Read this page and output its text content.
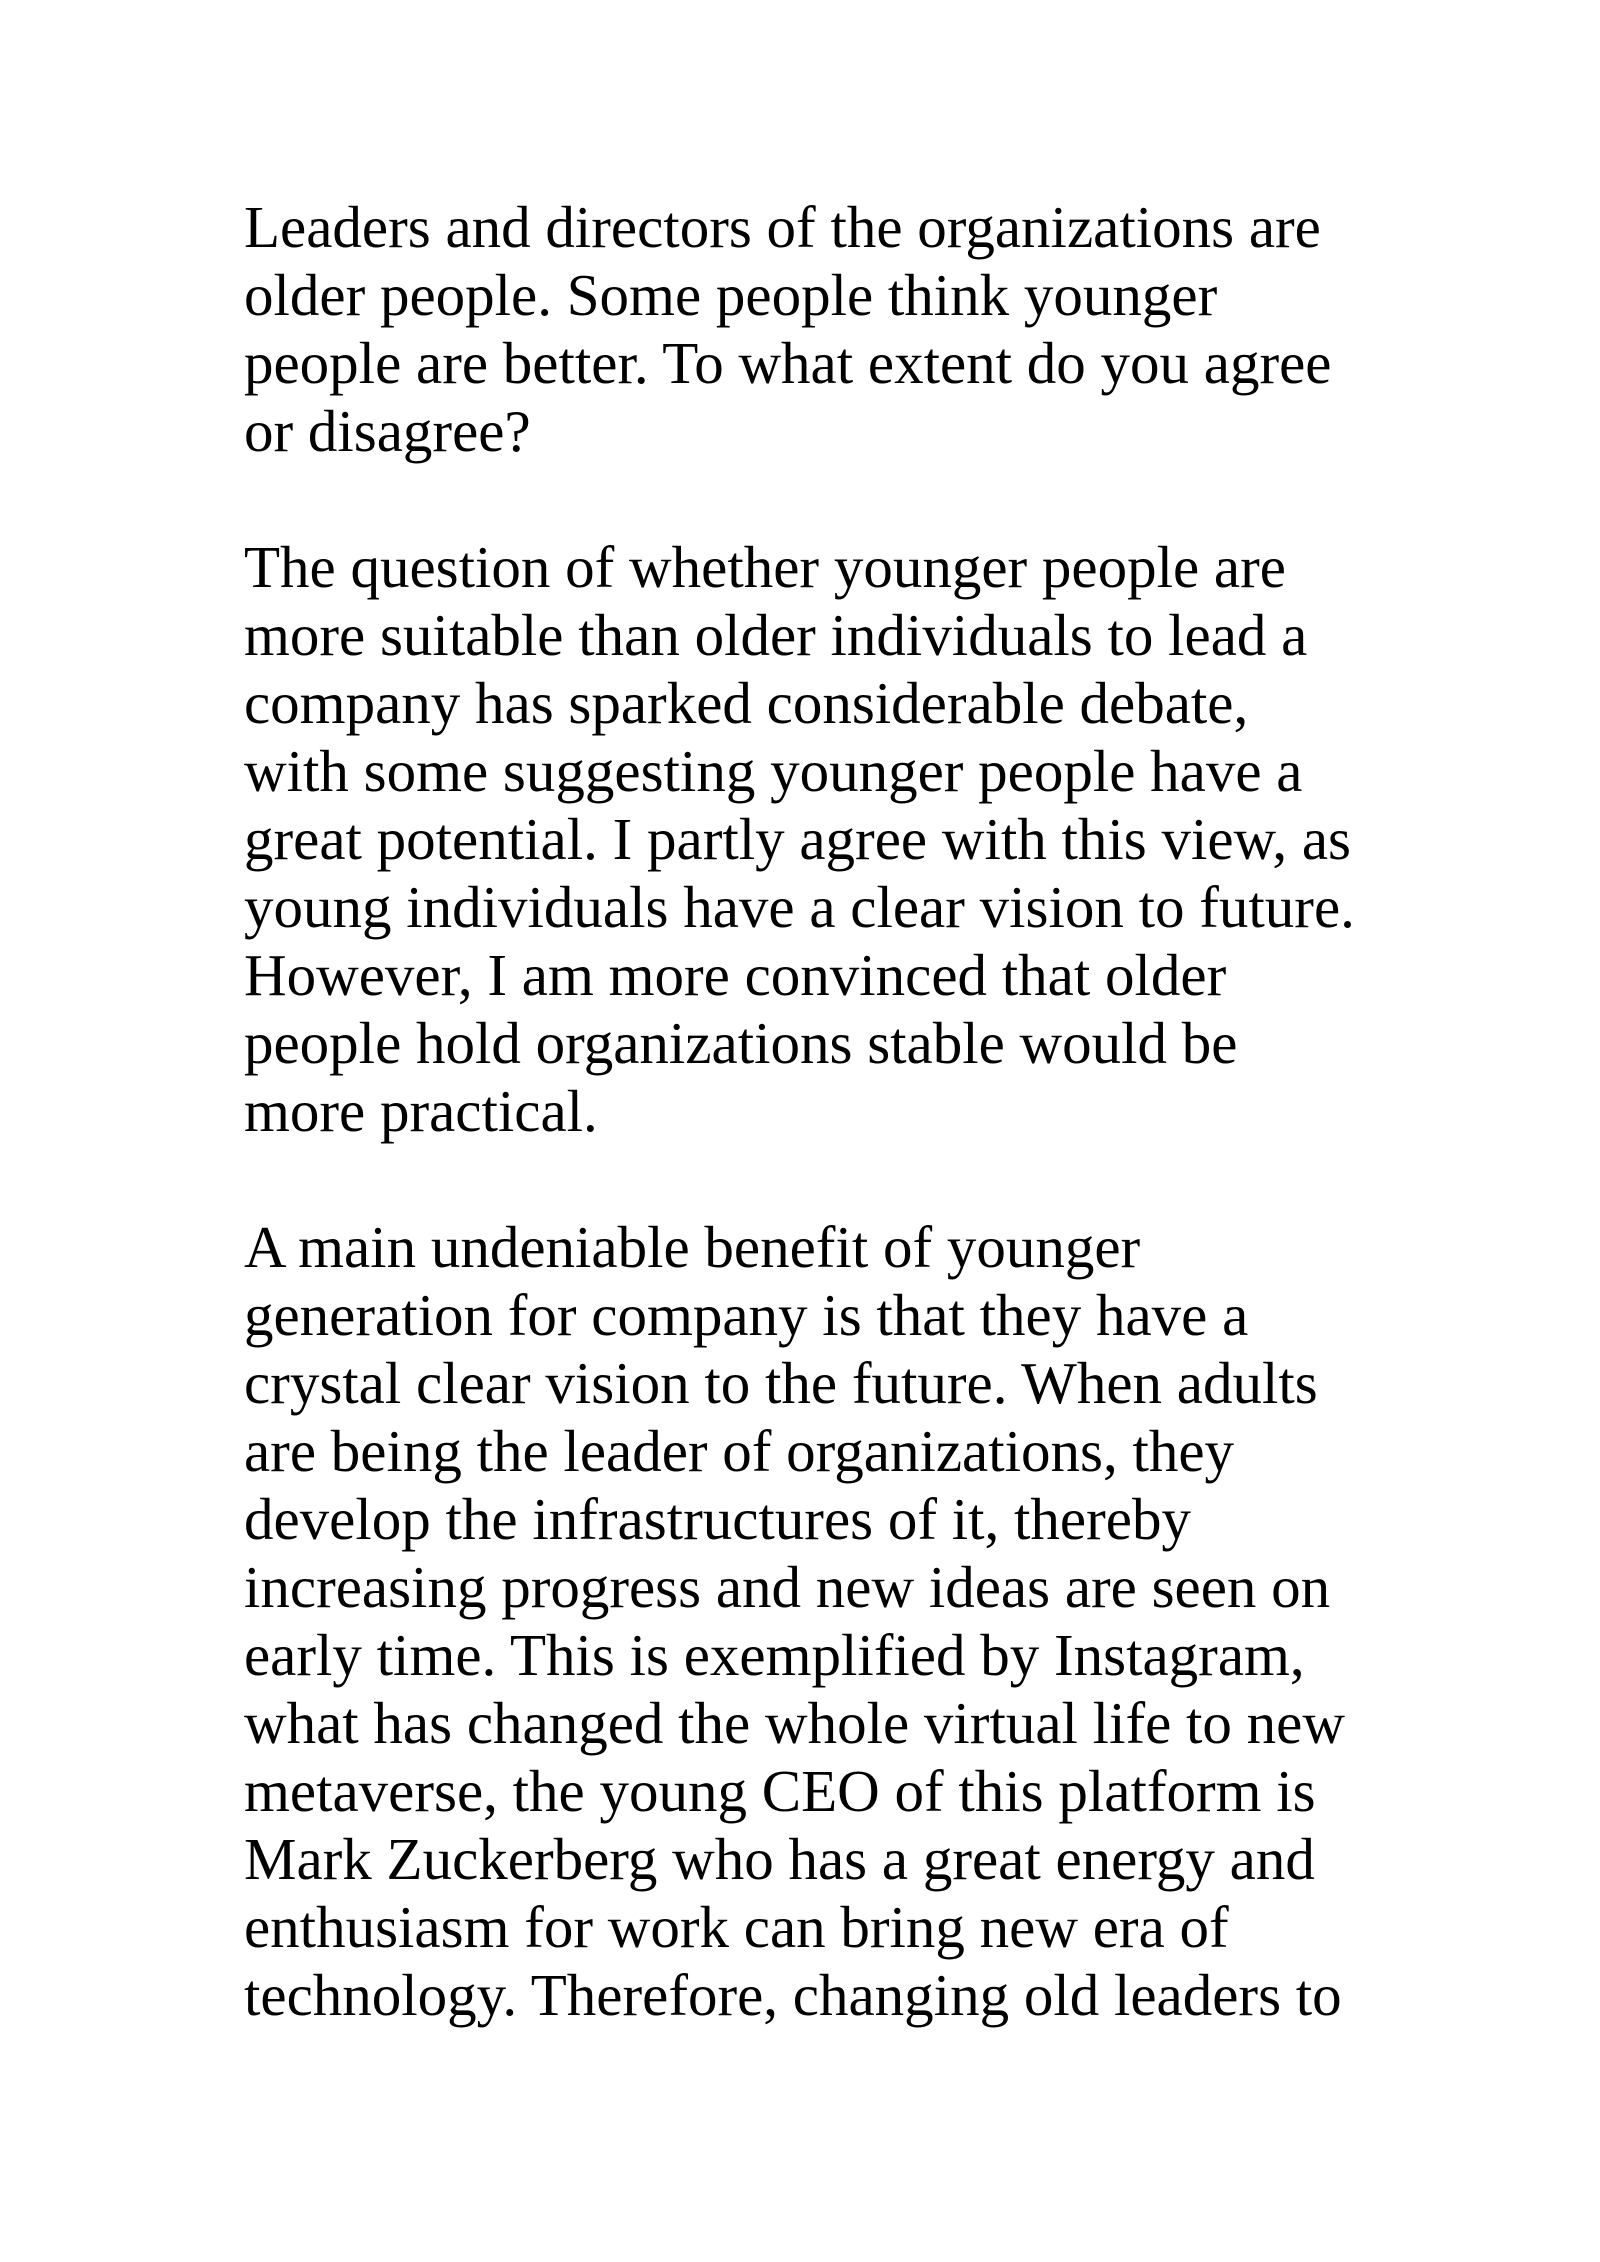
Leaders and directors of the organizations are
older people. Some people think younger
people are better. To what extent do you agree
or disagree?

The question of whether younger people are
more suitable than older individuals to lead a
company has sparked considerable debate,
with some suggesting younger people have a
great potential. I partly agree with this view, as
young individuals have a clear vision to future.
However, I am more convinced that older
people hold organizations stable would be
more practical.

A main undeniable benefit of younger
generation for company is that they have a
crystal clear vision to the future. When adults
are being the leader of organizations, they
develop the infrastructures of it, thereby
increasing progress and new ideas are seen on
early time. This is exemplified by Instagram,
what has changed the whole virtual life to new
metaverse, the young CEO of this platform is
Mark Zuckerberg who has a great energy and
enthusiasm for work can bring new era of
technology. Therefore, changing old leaders to
